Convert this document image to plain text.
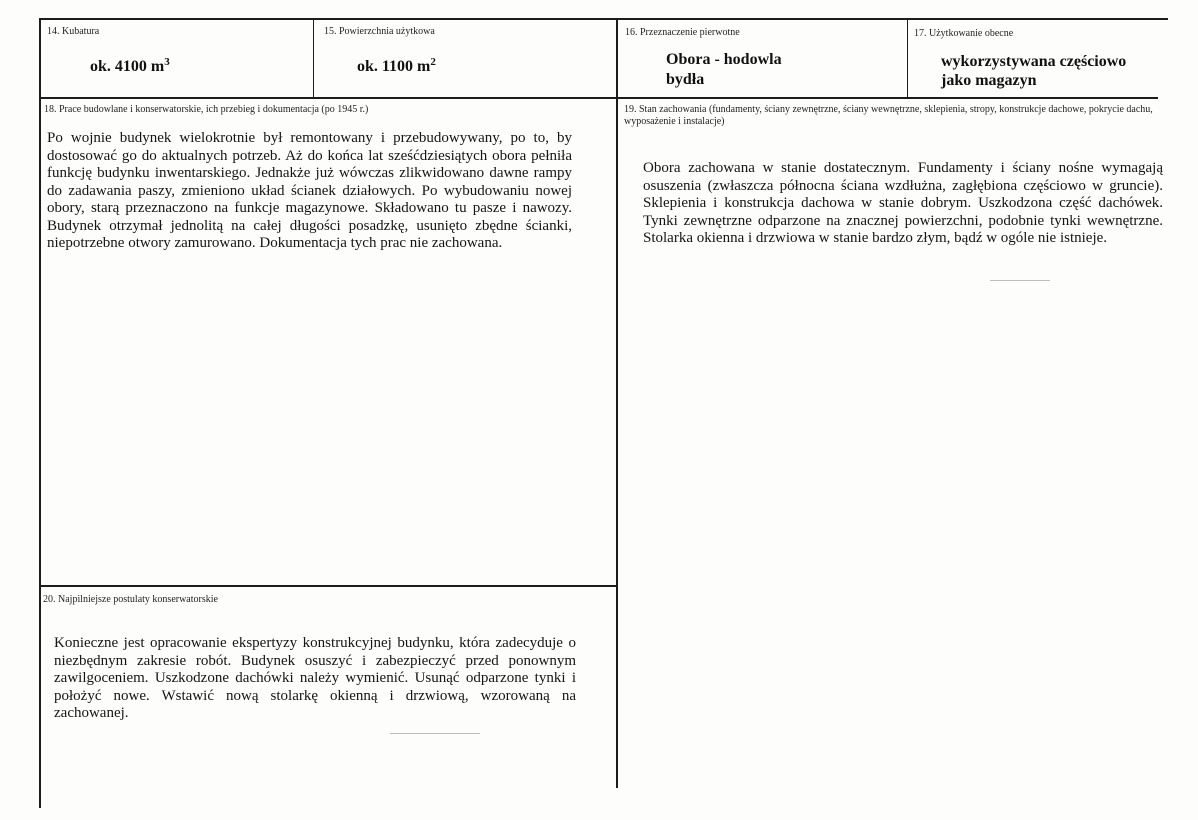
14. Kubatura
ok. 4100 $m^3$
15. Powierzchnia użytkowa
ok. 1100 $m^2$
16. Przeznaczenie pierwotne
Obora - hodowla
bydła
17. Użytkowanie obecne
wykorzystywana częściowo
jako magazyn
18. Prace budowlane i konserwatorskie, ich przebieg i dokumentacja (po 1945 r.)

Po wojnie budynek wielokrotnie był remontowany i przebudowywany, po to, by dostosować go do aktualnych potrzeb. Aż do końca lat sześćdziesiątych obora pełniła funkcję budynku inwentarskiego. Jednakże już wówczas zlikwidowano dawne rampy do zadawania paszy, zmieniono układ ścianek działowych. Po wybudowaniu nowej obory, starą przeznaczono na funkcje magazynowe. Składowano tu pasze i nawozy. Budynek otrzymał jednolitą na całej długości posadzkę, usunięto zbędne ścianki, niepotrzebne otwory zamurowano. Dokumentacja tych prac nie zachowana.

19. Stan zachowania (fundamenty, ściany zewnętrzne, ściany wewnętrzne, sklepienia, stropy, konstrukcje dachowe, pokrycie dachu, wyposażenie i instalacje)

Obora zachowana w stanie dostatecznym. Fundamenty i ściany nośne wymagają osuszenia (zwłaszcza północna ściana wzdłużna, zagłębiona częściowo w gruncie). Sklepienia i konstrukcja dachowa w stanie dobrym. Uszkodzona część dachówek. Tynki zewnętrzne odparzone na znacznej powierzchni, podobnie tynki wewnętrzne. Stolarka okienna i drzwiowa w stanie bardzo złym, bądź w ogóle nie istnieje.

20. Najpilniejsze postulaty konserwatorskie

Konieczne jest opracowanie ekspertyzy konstrukcyjnej budynku, która zadecyduje o niezbędnym zakresie robót. Budynek osuszyć i zabezpieczyć przed ponownym zawilgoceniem. Uszkodzone dachówki należy wymienić. Usunąć odparzone tynki i położyć nowe. Wstawić nową stolarkę okienną i drzwiową, wzorowaną na zachowanej.
